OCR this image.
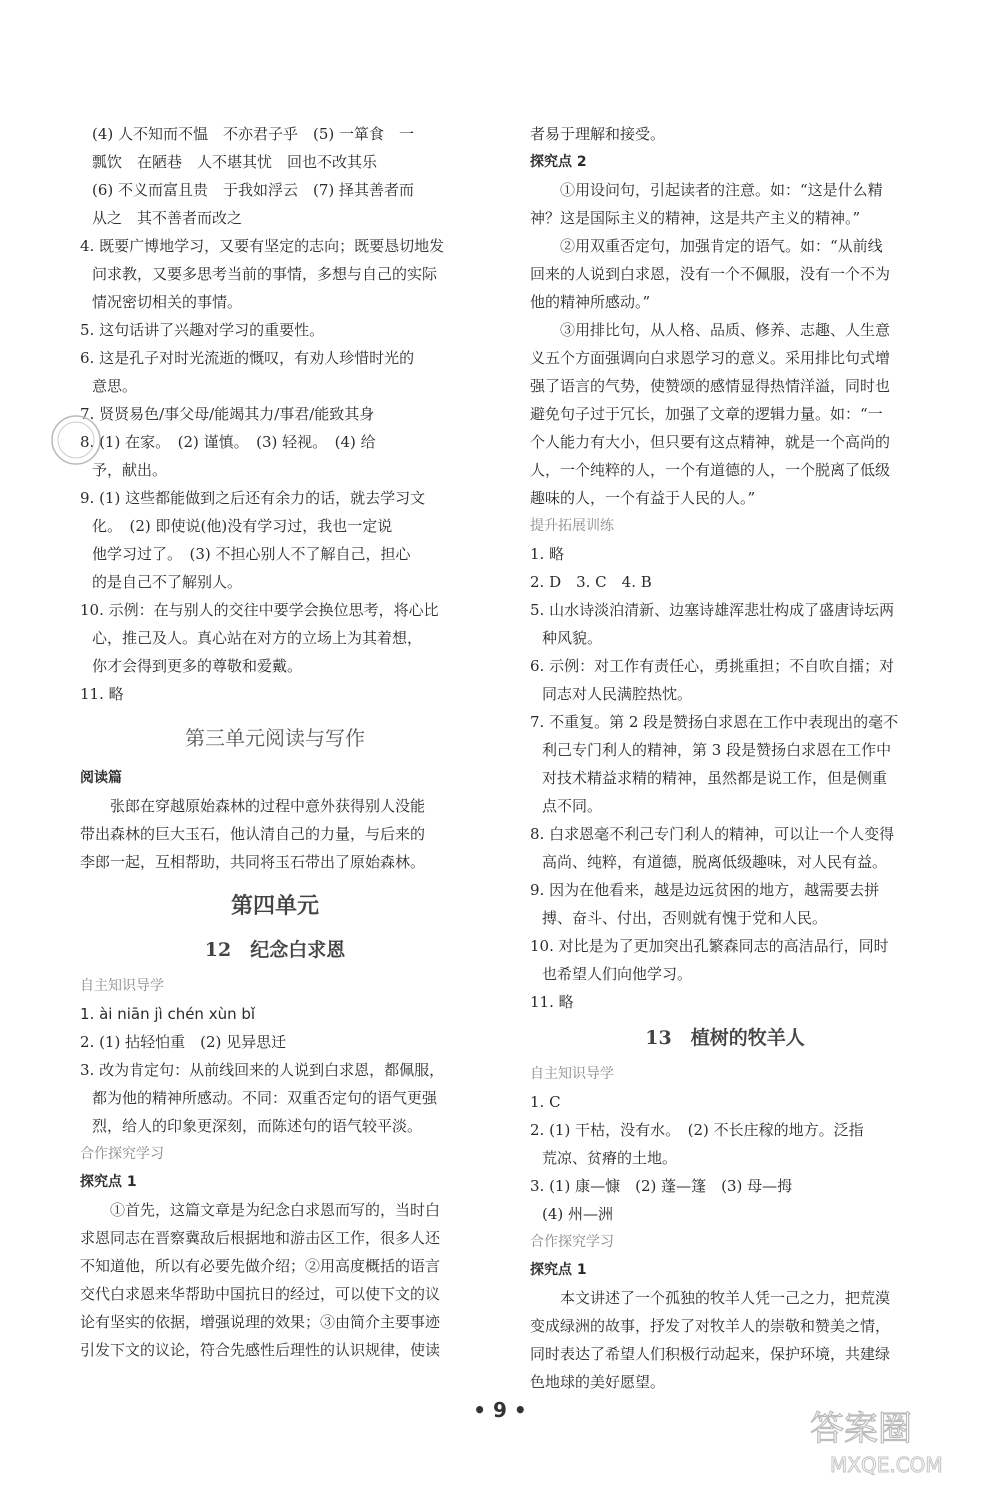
(4) 人不知而不愠　不亦君子乎　(5) 一箪食　一

瓢饮　在陋巷　人不堪其忧　回也不改其乐

(6) 不义而富且贵　于我如浮云　(7) 择其善者而

从之　其不善者而改之

4. 既要广博地学习，又要有坚定的志向；既要恳切地发

问求教，又要多思考当前的事情，多想与自己的实际

情况密切相关的事情。

5. 这句话讲了兴趣对学习的重要性。

6. 这是孔子对时光流逝的慨叹，有劝人珍惜时光的

意思。

7. 贤贤易色/事父母/能竭其力/事君/能致其身

8. (1) 在家。　(2) 谨慎。　(3) 轻视。　(4) 给

予，献出。

9. (1) 这些都能做到之后还有余力的话，就去学习文

化。　(2) 即使说(他)没有学习过，我也一定说

他学习过了。　(3) 不担心别人不了解自己，担心

的是自己不了解别人。

10. 示例：在与别人的交往中要学会换位思考，将心比

心，推己及人。真心站在对方的立场上为其着想，

你才会得到更多的尊敬和爱戴。

11. 略

第三单元阅读与写作

阅读篇

张郎在穿越原始森林的过程中意外获得别人没能

带出森林的巨大玉石，他认清自己的力量，与后来的

李郎一起，互相帮助，共同将玉石带出了原始森林。

第四单元
12　纪念白求恩

自主知识导学

1. ài niān jì chén xùn bǐ

2. (1) 拈轻怕重　(2) 见异思迁

3. 改为肯定句：从前线回来的人说到白求恩，都佩服，

都为他的精神所感动。不同：双重否定句的语气更强

烈，给人的印象更深刻，而陈述句的语气较平淡。

合作探究学习

探究点 1

①首先，这篇文章是为纪念白求恩而写的，当时白

求恩同志在晋察冀敌后根据地和游击区工作，很多人还

不知道他，所以有必要先做介绍；②用高度概括的语言

交代白求恩来华帮助中国抗日的经过，可以使下文的议

论有坚实的依据，增强说理的效果；③由简介主要事迹

引发下文的议论，符合先感性后理性的认识规律，使读

者易于理解和接受。

探究点 2

①用设问句，引起读者的注意。如：“这是什么精

神？这是国际主义的精神，这是共产主义的精神。”

②用双重否定句，加强肯定的语气。如：“从前线

回来的人说到白求恩，没有一个不佩服，没有一个不为

他的精神所感动。”

③用排比句，从人格、品质、修养、志趣、人生意

义五个方面强调向白求恩学习的意义。采用排比句式增

强了语言的气势，使赞颂的感情显得热情洋溢，同时也

避免句子过于冗长，加强了文章的逻辑力量。如：“一

个人能力有大小，但只要有这点精神，就是一个高尚的

人，一个纯粹的人，一个有道德的人，一个脱离了低级

趣味的人，一个有益于人民的人。”

提升拓展训练

1. 略

2. D　3. C　4. B

5. 山水诗淡泊清新、边塞诗雄浑悲壮构成了盛唐诗坛两

种风貌。

6. 示例：对工作有责任心，勇挑重担；不自吹自擂；对

同志对人民满腔热忱。

7. 不重复。第 2 段是赞扬白求恩在工作中表现出的毫不

利己专门利人的精神，第 3 段是赞扬白求恩在工作中

对技术精益求精的精神，虽然都是说工作，但是侧重

点不同。

8. 白求恩毫不利己专门利人的精神，可以让一个人变得

高尚、纯粹，有道德，脱离低级趣味，对人民有益。

9. 因为在他看来，越是边远贫困的地方，越需要去拼

搏、奋斗、付出，否则就有愧于党和人民。

10. 对比是为了更加突出孔繁森同志的高洁品行，同时

也希望人们向他学习。

11. 略

13　植树的牧羊人

自主知识导学

1. C

2. (1) 干枯，没有水。　(2) 不长庄稼的地方。泛指

荒凉、贫瘠的土地。

3. (1) 康—慷　(2) 蓬—篷　(3) 母—拇

(4) 州—洲

合作探究学习

探究点 1

本文讲述了一个孤独的牧羊人凭一己之力，把荒漠

变成绿洲的故事，抒发了对牧羊人的崇敬和赞美之情，

同时表达了希望人们积极行动起来，保护环境，共建绿

色地球的美好愿望。

• 9 •	答案圈
MXQE.COM
